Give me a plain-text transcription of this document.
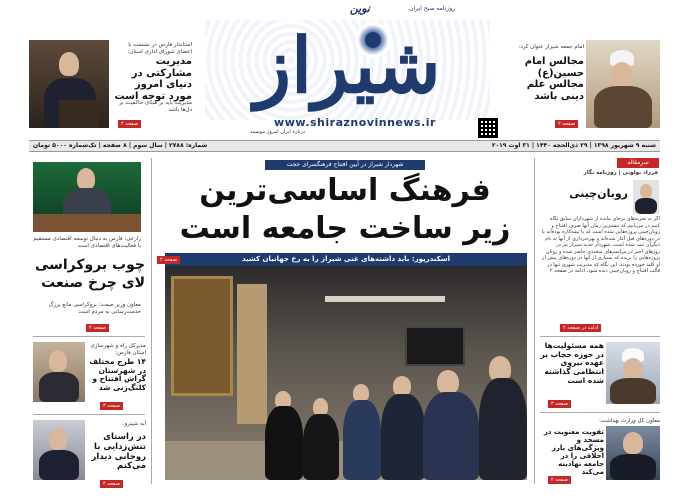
روزنامه صبح ایران
نوین
شیراز
www.shiraznovinnews.ir
درباره ایران امروز بنویسید
استاندار فارس در نشست با اعضای شورای اداری استان:
مدیریت مشارکتی در دنیای امروز مورد توجه است
مدیریت باید بر مبنای حاکمیت بر دل‌ها باشد
صفحه ۲
امام جمعه شیراز عنوان کرد:
مجالس امام حسین(ع) مجالس علم دینی باشد
صفحه ۲
شنبه ۹ شهریور ۱۳۹۸ | ۲۹ ذی‌الحجه ۱۴۴۰ | ۳۱ اوت ۲۰۱۹
شماره: ۲۷۸۸ | سال سوم | ۸ صفحه | تک‌شماره ۵۰۰۰ تومان
شهردار شیراز در آیین افتتاح فرهنگسرای حجت
فرهنگ اساسی‌ترین
زیر ساخت جامعه است
اسکندرپور: باید داشته‌های غنی شیراز را به رخ جهانیان کشید
صفحه ۲
زارعی: فارس به دنبال توسعه اقتصادی مستقیم با فعالیت‌های اقتصادی است
چوب بروکراسی لای چرخ صنعت
معاون وزیر صمت: بروکراسی مانع بزرگ خدمت‌رسانی به مردم است
صفحه ۲
مدیرکل راه و شهرسازی استان فارس:
۱۴ طرح مختلف در شهرستان گراش افتتاح و کلنگ‌زنی شد
صفحه ۳
آبه شینزو:
در راستای تنش‌زدایی با روحانی دیدار می‌کنم
صفحه ۴
سرمقاله
فرزاد بولونی | روزنامه نگار
روبان‌چینی
اگر به تجربه‌های برجای مانده از شهرداران سابق نگاه کنیم در می‌یابیم که بیشترین زمان آنها صرف افتتاح و روبان‌چینی پروژه‌هایی شده است که یا نیمه‌کاره بوده‌اند یا در دوره‌های قبل آغاز شده‌اند و بهره‌برداری از آنها به نام دیگران ثبت شده است. شهردار جدید شیراز نیز در روزهای اخیر در مراسم‌های متعددی حاضر شده و روبان پروژه‌هایی را بریده که بسیاری از آنها در دوره‌های پیش از او کلید خورده بودند. این نگاه که مدیریت شهری تنها در قالب افتتاح و روبان‌چینی دیده شود، ادامه در صفحه ۲
ادامه در صفحه ۲
همه مسئولیت‌ها در حوزه حجاب بر عهده نیروی انتظامی گذاشته شده است
صفحه ۳
معاون کل وزارت بهداشت:
تقویت معنویت در مسجد و ویژگی‌های بارز اخلاقی را در جامعه نهادینه می‌کند
صفحه ۲
